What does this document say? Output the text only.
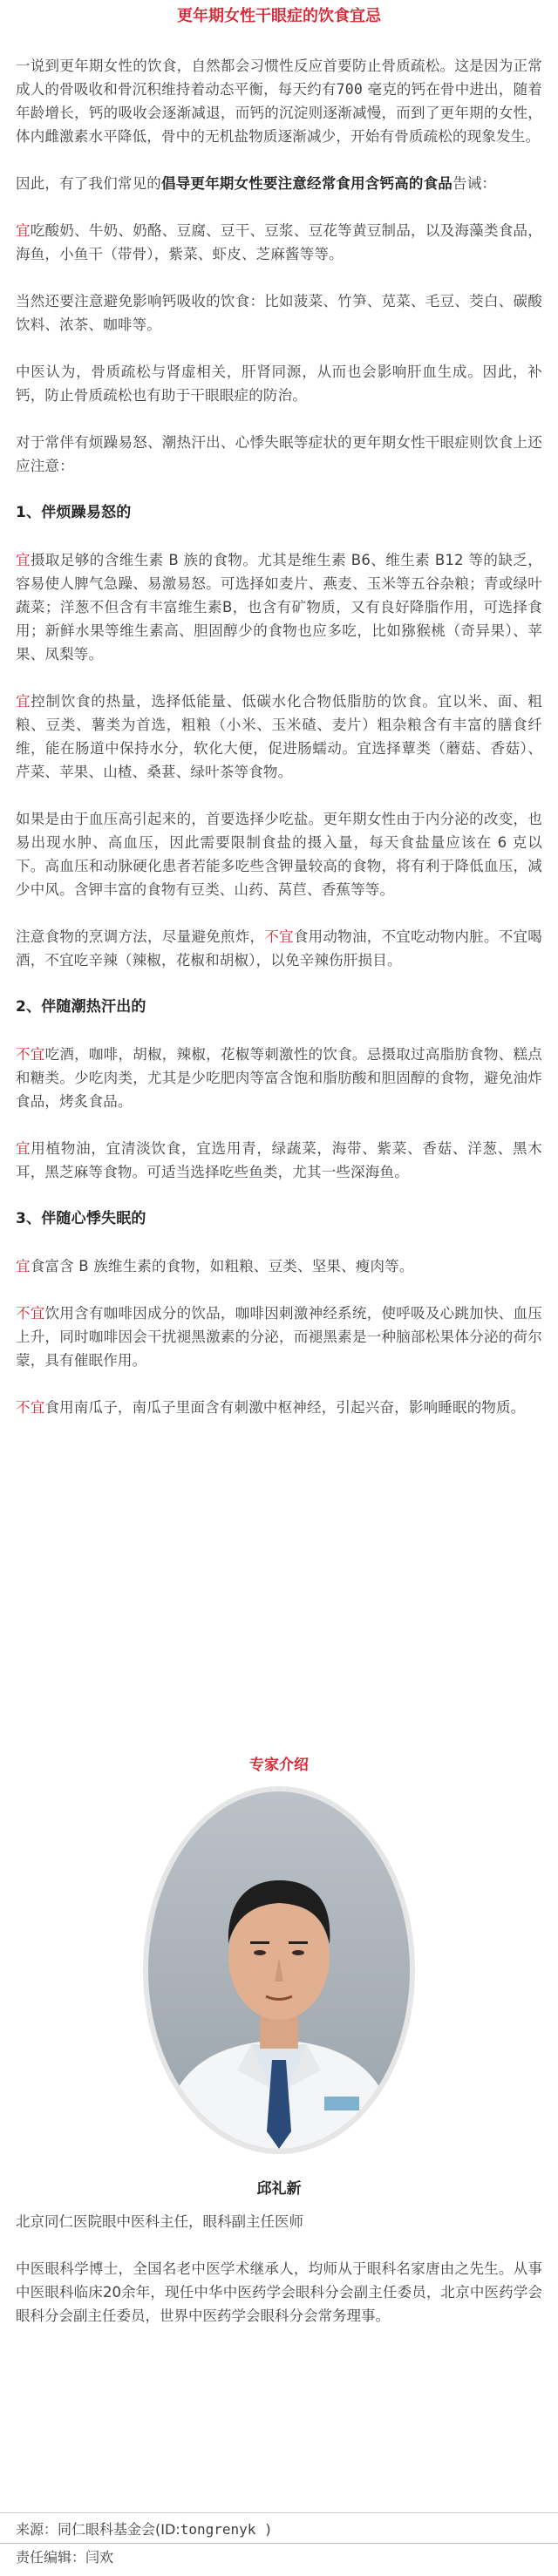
更年期女性干眼症的饮食宜忌

一说到更年期女性的饮食，自然都会习惯性反应首要防止骨质疏松。这是因为正常成人的骨吸收和骨沉积维持着动态平衡，每天约有700 毫克的钙在骨中进出，随着年龄增长，钙的吸收会逐渐减退，而钙的沉淀则逐渐减慢，而到了更年期的女性，体内雌激素水平降低，骨中的无机盐物质逐渐减少，开始有骨质疏松的现象发生。

因此，有了我们常见的倡导更年期女性要注意经常食用含钙高的食品告诫：

宜吃酸奶、牛奶、奶酪、豆腐、豆干、豆浆、豆花等黄豆制品，以及海藻类食品，海鱼，小鱼干（带骨），紫菜、虾皮、芝麻酱等等。

当然还要注意避免影响钙吸收的饮食：比如菠菜、竹笋、苋菜、毛豆、茭白、碳酸饮料、浓茶、咖啡等。

中医认为，骨质疏松与肾虚相关，肝肾同源，从而也会影响肝血生成。因此，补钙，防止骨质疏松也有助于干眼眼症的防治。

对于常伴有烦躁易怒、潮热汗出、心悸失眠等症状的更年期女性干眼症则饮食上还应注意：

1、伴烦躁易怒的

宜摄取足够的含维生素 B 族的食物。尤其是维生素 B6、维生素 B12 等的缺乏，容易使人脾气急躁、易激易怒。可选择如麦片、燕麦、玉米等五谷杂粮；青或绿叶蔬菜；洋葱不但含有丰富维生素B，也含有矿物质，又有良好降脂作用，可选择食用；新鲜水果等维生素高、胆固醇少的食物也应多吃，比如猕猴桃（奇异果）、苹果、凤梨等。

宜控制饮食的热量，选择低能量、低碳水化合物低脂肪的饮食。宜以米、面、粗粮、豆类、薯类为首选，粗粮（小米、玉米碴、麦片）粗杂粮含有丰富的膳食纤维，能在肠道中保持水分，软化大便，促进肠蠕动。宜选择蕈类（蘑菇、香菇）、芹菜、苹果、山楂、桑葚、绿叶茶等食物。

如果是由于血压高引起来的，首要选择少吃盐。更年期女性由于内分泌的改变，也易出现水肿、高血压，因此需要限制食盐的摄入量，每天食盐量应该在 6 克以下。高血压和动脉硬化患者若能多吃些含钾量较高的食物，将有利于降低血压，减少中风。含钾丰富的食物有豆类、山药、莴苣、香蕉等等。

注意食物的烹调方法，尽量避免煎炸，不宜食用动物油，不宜吃动物内脏。不宜喝酒，不宜吃辛辣（辣椒，花椒和胡椒），以免辛辣伤肝损目。

2、伴随潮热汗出的

不宜吃酒，咖啡，胡椒，辣椒，花椒等刺激性的饮食。忌摄取过高脂肪食物、糕点和糖类。少吃肉类，尤其是少吃肥肉等富含饱和脂肪酸和胆固醇的食物，避免油炸食品，烤炙食品。

宜用植物油，宜清淡饮食，宜选用青，绿蔬菜，海带、紫菜、香菇、洋葱、黑木耳，黑芝麻等食物。可适当选择吃些鱼类，尤其一些深海鱼。

3、伴随心悸失眠的

宜食富含 B 族维生素的食物，如粗粮、豆类、坚果、瘦肉等。

不宜饮用含有咖啡因成分的饮品，咖啡因刺激神经系统，使呼吸及心跳加快、血压上升，同时咖啡因会干扰褪黑激素的分泌，而褪黑素是一种脑部松果体分泌的荷尔蒙，具有催眠作用。

不宜食用南瓜子，南瓜子里面含有刺激中枢神经，引起兴奋，影响睡眠的物质。

专家介绍
邱礼新

北京同仁医院眼中医科主任，眼科副主任医师

中医眼科学博士，全国名老中医学术继承人，均师从于眼科名家唐由之先生。从事中医眼科临床20余年，现任中华中医药学会眼科分会副主任委员，北京中医药学会眼科分会副主任委员，世界中医药学会眼科分会常务理事。

来源：同仁眼科基金会(ID:tongrenyk )
责任编辑：闫欢
